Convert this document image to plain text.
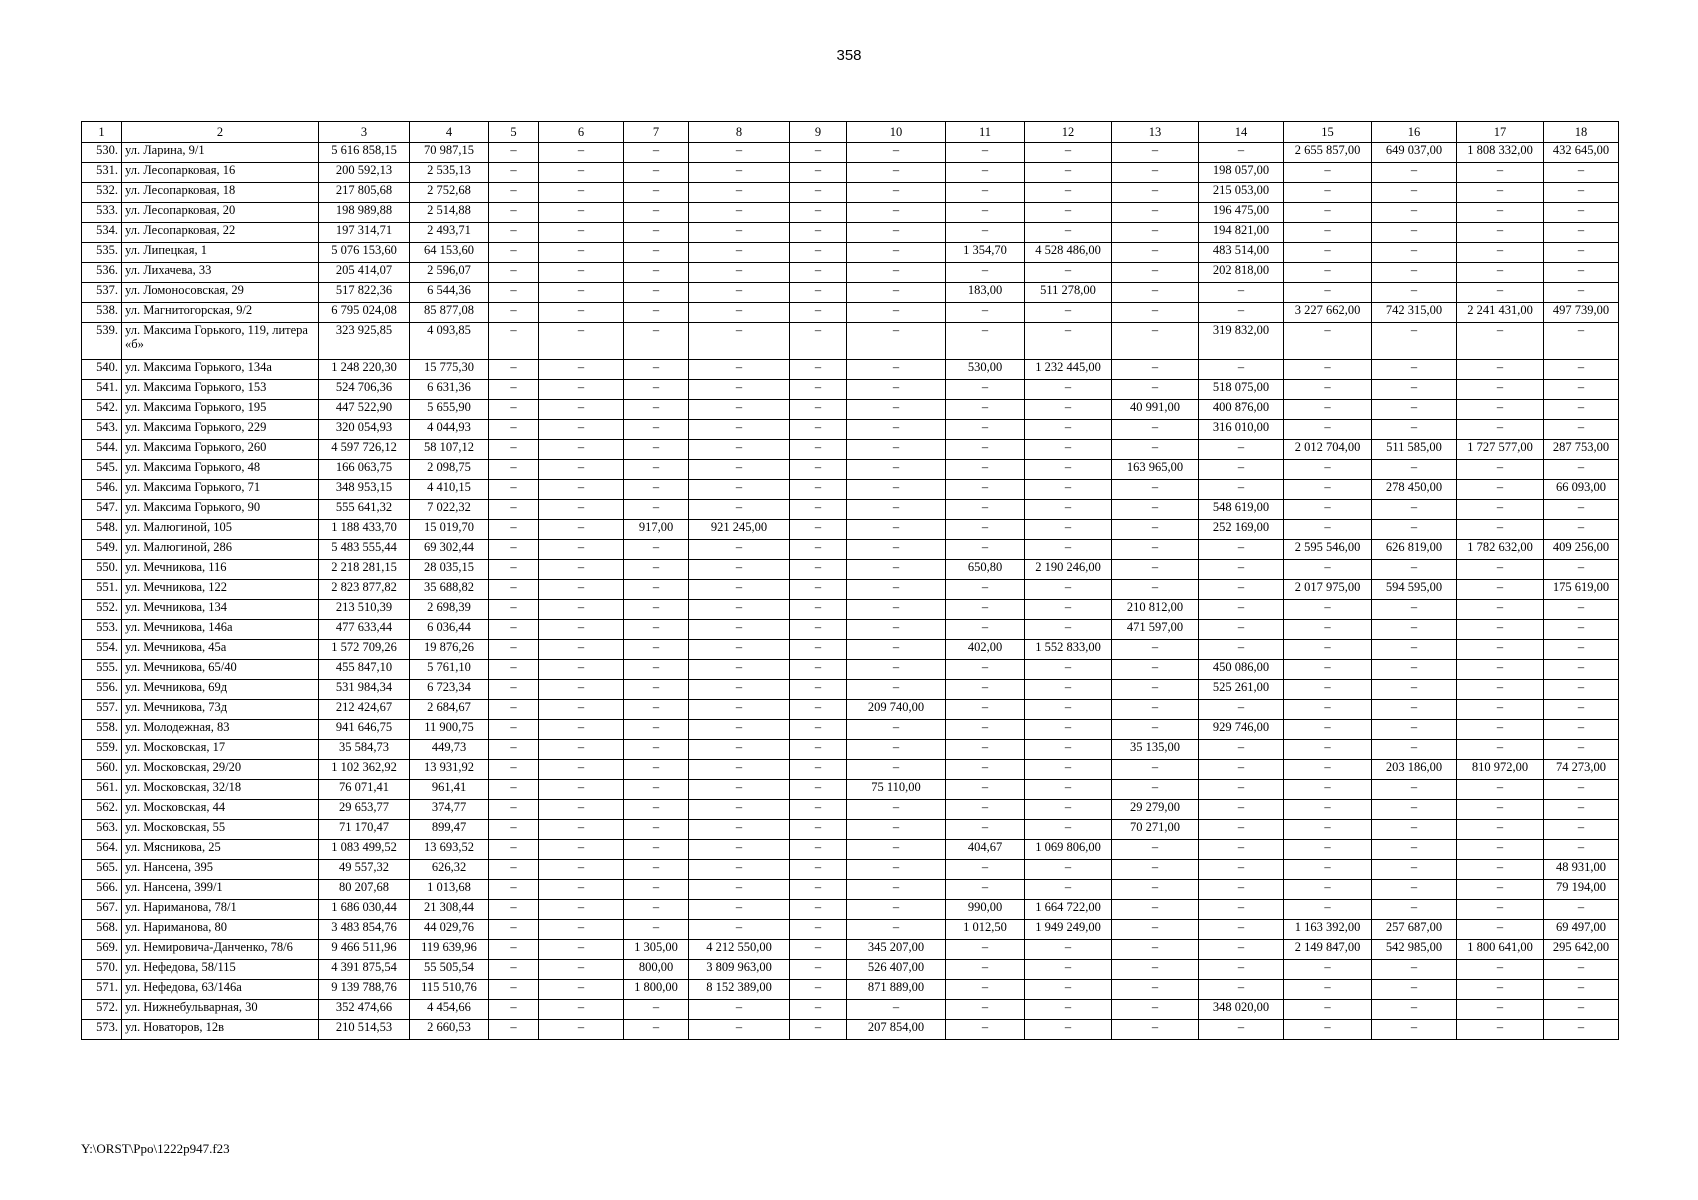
358
1	2	3	4	5	6	7	8	9	10	11	12	13	14	15	16	17	18
530.	ул. Ларина, 9/1	5 616 858,15	70 987,15	–	–	–	–	–	–	–	–	–	–	2 655 857,00	649 037,00	1 808 332,00	432 645,00
531.	ул. Лесопарковая, 16	200 592,13	2 535,13	–	–	–	–	–	–	–	–	–	198 057,00	–	–	–	–
532.	ул. Лесопарковая, 18	217 805,68	2 752,68	–	–	–	–	–	–	–	–	–	215 053,00	–	–	–	–
533.	ул. Лесопарковая, 20	198 989,88	2 514,88	–	–	–	–	–	–	–	–	–	196 475,00	–	–	–	–
534.	ул. Лесопарковая, 22	197 314,71	2 493,71	–	–	–	–	–	–	–	–	–	194 821,00	–	–	–	–
535.	ул. Липецкая, 1	5 076 153,60	64 153,60	–	–	–	–	–	–	1 354,70	4 528 486,00	–	483 514,00	–	–	–	–
536.	ул. Лихачева, 33	205 414,07	2 596,07	–	–	–	–	–	–	–	–	–	202 818,00	–	–	–	–
537.	ул. Ломоносовская, 29	517 822,36	6 544,36	–	–	–	–	–	–	183,00	511 278,00	–	–	–	–	–	–
538.	ул. Магнитогорская, 9/2	6 795 024,08	85 877,08	–	–	–	–	–	–	–	–	–	–	3 227 662,00	742 315,00	2 241 431,00	497 739,00
539.	ул. Максима Горького, 119, литера «б»	323 925,85	4 093,85	–	–	–	–	–	–	–	–	–	319 832,00	–	–	–	–
540.	ул. Максима Горького, 134а	1 248 220,30	15 775,30	–	–	–	–	–	–	530,00	1 232 445,00	–	–	–	–	–	–
541.	ул. Максима Горького, 153	524 706,36	6 631,36	–	–	–	–	–	–	–	–	–	518 075,00	–	–	–	–
542.	ул. Максима Горького, 195	447 522,90	5 655,90	–	–	–	–	–	–	–	–	40 991,00	400 876,00	–	–	–	–
543.	ул. Максима Горького, 229	320 054,93	4 044,93	–	–	–	–	–	–	–	–	–	316 010,00	–	–	–	–
544.	ул. Максима Горького, 260	4 597 726,12	58 107,12	–	–	–	–	–	–	–	–	–	–	2 012 704,00	511 585,00	1 727 577,00	287 753,00
545.	ул. Максима Горького, 48	166 063,75	2 098,75	–	–	–	–	–	–	–	–	163 965,00	–	–	–	–	–
546.	ул. Максима Горького, 71	348 953,15	4 410,15	–	–	–	–	–	–	–	–	–	–	–	278 450,00	–	66 093,00
547.	ул. Максима Горького, 90	555 641,32	7 022,32	–	–	–	–	–	–	–	–	–	548 619,00	–	–	–	–
548.	ул. Малюгиной, 105	1 188 433,70	15 019,70	–	–	917,00	921 245,00	–	–	–	–	–	252 169,00	–	–	–	–
549.	ул. Малюгиной, 286	5 483 555,44	69 302,44	–	–	–	–	–	–	–	–	–	–	2 595 546,00	626 819,00	1 782 632,00	409 256,00
550.	ул. Мечникова, 116	2 218 281,15	28 035,15	–	–	–	–	–	–	650,80	2 190 246,00	–	–	–	–	–	–
551.	ул. Мечникова, 122	2 823 877,82	35 688,82	–	–	–	–	–	–	–	–	–	–	2 017 975,00	594 595,00	–	175 619,00
552.	ул. Мечникова, 134	213 510,39	2 698,39	–	–	–	–	–	–	–	–	210 812,00	–	–	–	–	–
553.	ул. Мечникова, 146а	477 633,44	6 036,44	–	–	–	–	–	–	–	–	471 597,00	–	–	–	–	–
554.	ул. Мечникова, 45а	1 572 709,26	19 876,26	–	–	–	–	–	–	402,00	1 552 833,00	–	–	–	–	–	–
555.	ул. Мечникова, 65/40	455 847,10	5 761,10	–	–	–	–	–	–	–	–	–	450 086,00	–	–	–	–
556.	ул. Мечникова, 69д	531 984,34	6 723,34	–	–	–	–	–	–	–	–	–	525 261,00	–	–	–	–
557.	ул. Мечникова, 73д	212 424,67	2 684,67	–	–	–	–	–	209 740,00	–	–	–	–	–	–	–	–
558.	ул. Молодежная, 83	941 646,75	11 900,75	–	–	–	–	–	–	–	–	–	929 746,00	–	–	–	–
559.	ул. Московская, 17	35 584,73	449,73	–	–	–	–	–	–	–	–	35 135,00	–	–	–	–	–
560.	ул. Московская, 29/20	1 102 362,92	13 931,92	–	–	–	–	–	–	–	–	–	–	–	203 186,00	810 972,00	74 273,00
561.	ул. Московская, 32/18	76 071,41	961,41	–	–	–	–	–	75 110,00	–	–	–	–	–	–	–	–
562.	ул. Московская, 44	29 653,77	374,77	–	–	–	–	–	–	–	–	29 279,00	–	–	–	–	–
563.	ул. Московская, 55	71 170,47	899,47	–	–	–	–	–	–	–	–	70 271,00	–	–	–	–	–
564.	ул. Мясникова, 25	1 083 499,52	13 693,52	–	–	–	–	–	–	404,67	1 069 806,00	–	–	–	–	–	–
565.	ул. Нансена, 395	49 557,32	626,32	–	–	–	–	–	–	–	–	–	–	–	–	–	48 931,00
566.	ул. Нансена, 399/1	80 207,68	1 013,68	–	–	–	–	–	–	–	–	–	–	–	–	–	79 194,00
567.	ул. Нариманова, 78/1	1 686 030,44	21 308,44	–	–	–	–	–	–	990,00	1 664 722,00	–	–	–	–	–	–
568.	ул. Нариманова, 80	3 483 854,76	44 029,76	–	–	–	–	–	–	1 012,50	1 949 249,00	–	–	1 163 392,00	257 687,00	–	69 497,00
569.	ул. Немировича-Данченко, 78/6	9 466 511,96	119 639,96	–	–	1 305,00	4 212 550,00	–	345 207,00	–	–	–	–	2 149 847,00	542 985,00	1 800 641,00	295 642,00
570.	ул. Нефедова, 58/115	4 391 875,54	55 505,54	–	–	800,00	3 809 963,00	–	526 407,00	–	–	–	–	–	–	–	–
571.	ул. Нефедова, 63/146а	9 139 788,76	115 510,76	–	–	1 800,00	8 152 389,00	–	871 889,00	–	–	–	–	–	–	–	–
572.	ул. Нижнебульварная, 30	352 474,66	4 454,66	–	–	–	–	–	–	–	–	–	348 020,00	–	–	–	–
573.	ул. Новаторов, 12в	210 514,53	2 660,53	–	–	–	–	–	207 854,00	–	–	–	–	–	–	–	–
Y:\ORST\Ppo\1222p947.f23
